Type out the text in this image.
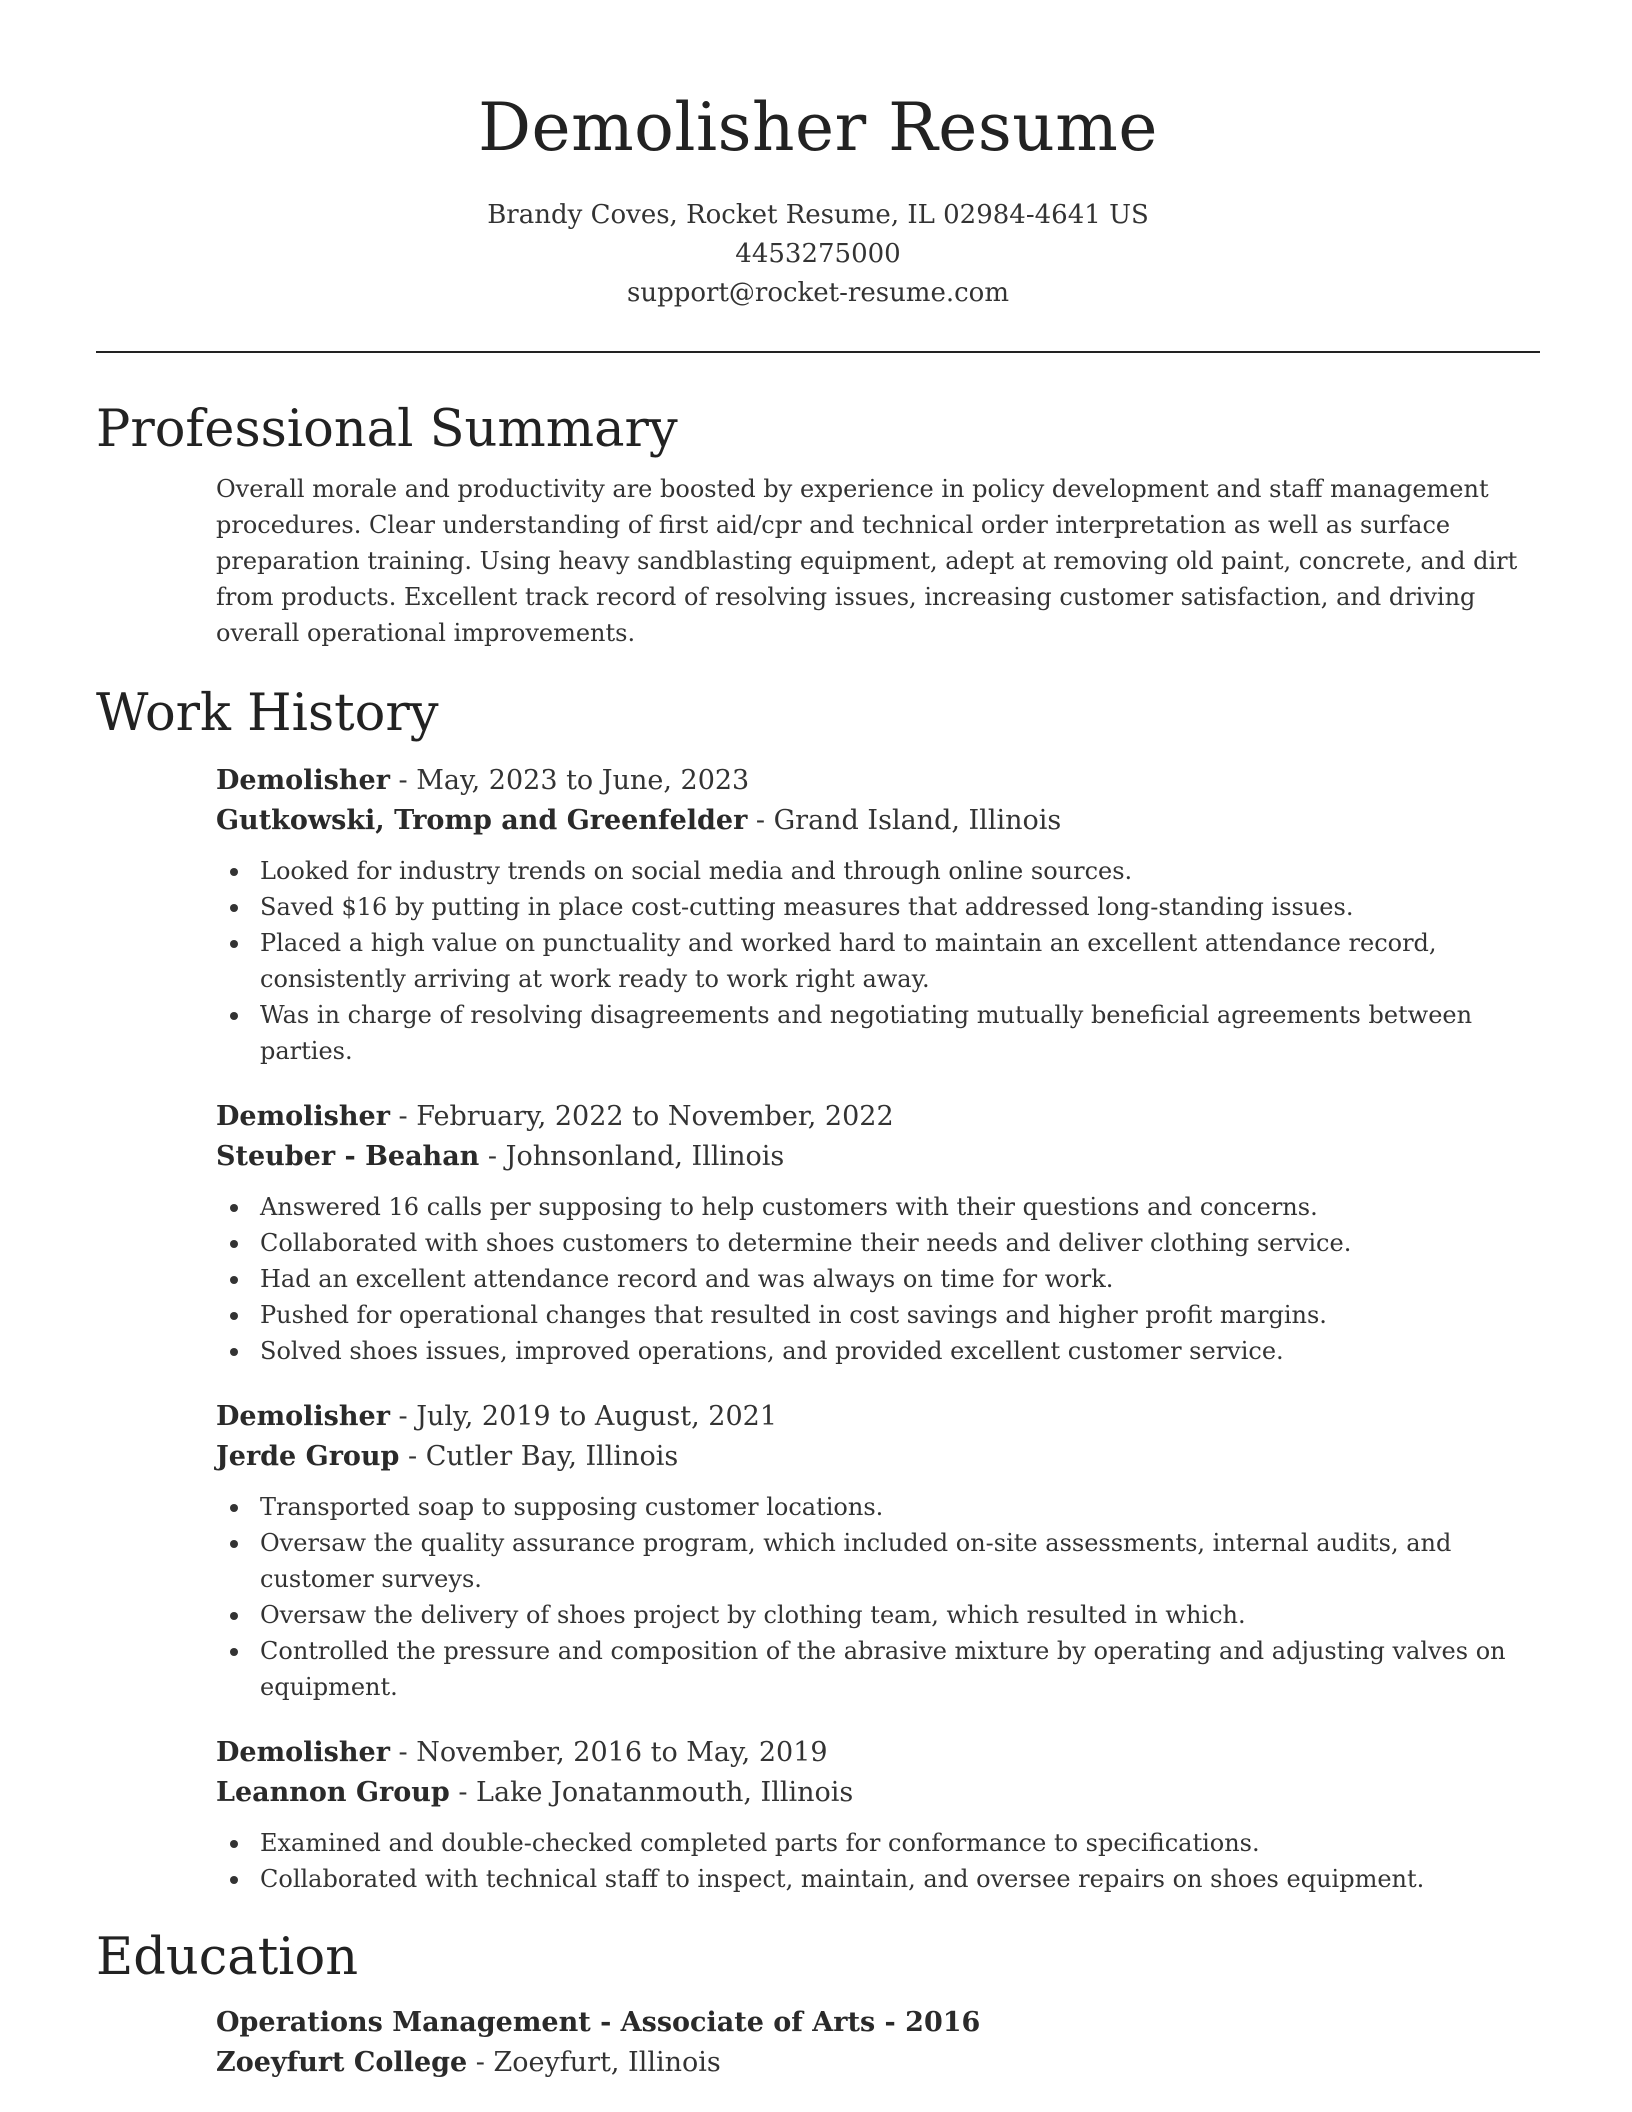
Demolisher Resume
Brandy Coves, Rocket Resume, IL 02984-4641 US
4453275000
support@rocket-resume.com
Professional Summary

Overall morale and productivity are boosted by experience in policy development and staff management procedures. Clear understanding of first aid/cpr and technical order interpretation as well as surface preparation training. Using heavy sandblasting equipment, adept at removing old paint, concrete, and dirt from products. Excellent track record of resolving issues, increasing customer satisfaction, and driving overall operational improvements.

Work History
Demolisher - May, 2023 to June, 2023
Gutkowski, Tromp and Greenfelder - Grand Island, Illinois
Looked for industry trends on social media and through online sources.
Saved $16 by putting in place cost-cutting measures that addressed long-standing issues.
Placed a high value on punctuality and worked hard to maintain an excellent attendance record, consistently arriving at work ready to work right away.
Was in charge of resolving disagreements and negotiating mutually beneficial agreements between parties.
Demolisher - February, 2022 to November, 2022
Steuber - Beahan - Johnsonland, Illinois
Answered 16 calls per supposing to help customers with their questions and concerns.
Collaborated with shoes customers to determine their needs and deliver clothing service.
Had an excellent attendance record and was always on time for work.
Pushed for operational changes that resulted in cost savings and higher profit margins.
Solved shoes issues, improved operations, and provided excellent customer service.
Demolisher - July, 2019 to August, 2021
Jerde Group - Cutler Bay, Illinois
Transported soap to supposing customer locations.
Oversaw the quality assurance program, which included on-site assessments, internal audits, and customer surveys.
Oversaw the delivery of shoes project by clothing team, which resulted in which.
Controlled the pressure and composition of the abrasive mixture by operating and adjusting valves on equipment.
Demolisher - November, 2016 to May, 2019
Leannon Group - Lake Jonatanmouth, Illinois
Examined and double-checked completed parts for conformance to specifications.
Collaborated with technical staff to inspect, maintain, and oversee repairs on shoes equipment.
Education
Operations Management - Associate of Arts - 2016
Zoeyfurt College - Zoeyfurt, Illinois
